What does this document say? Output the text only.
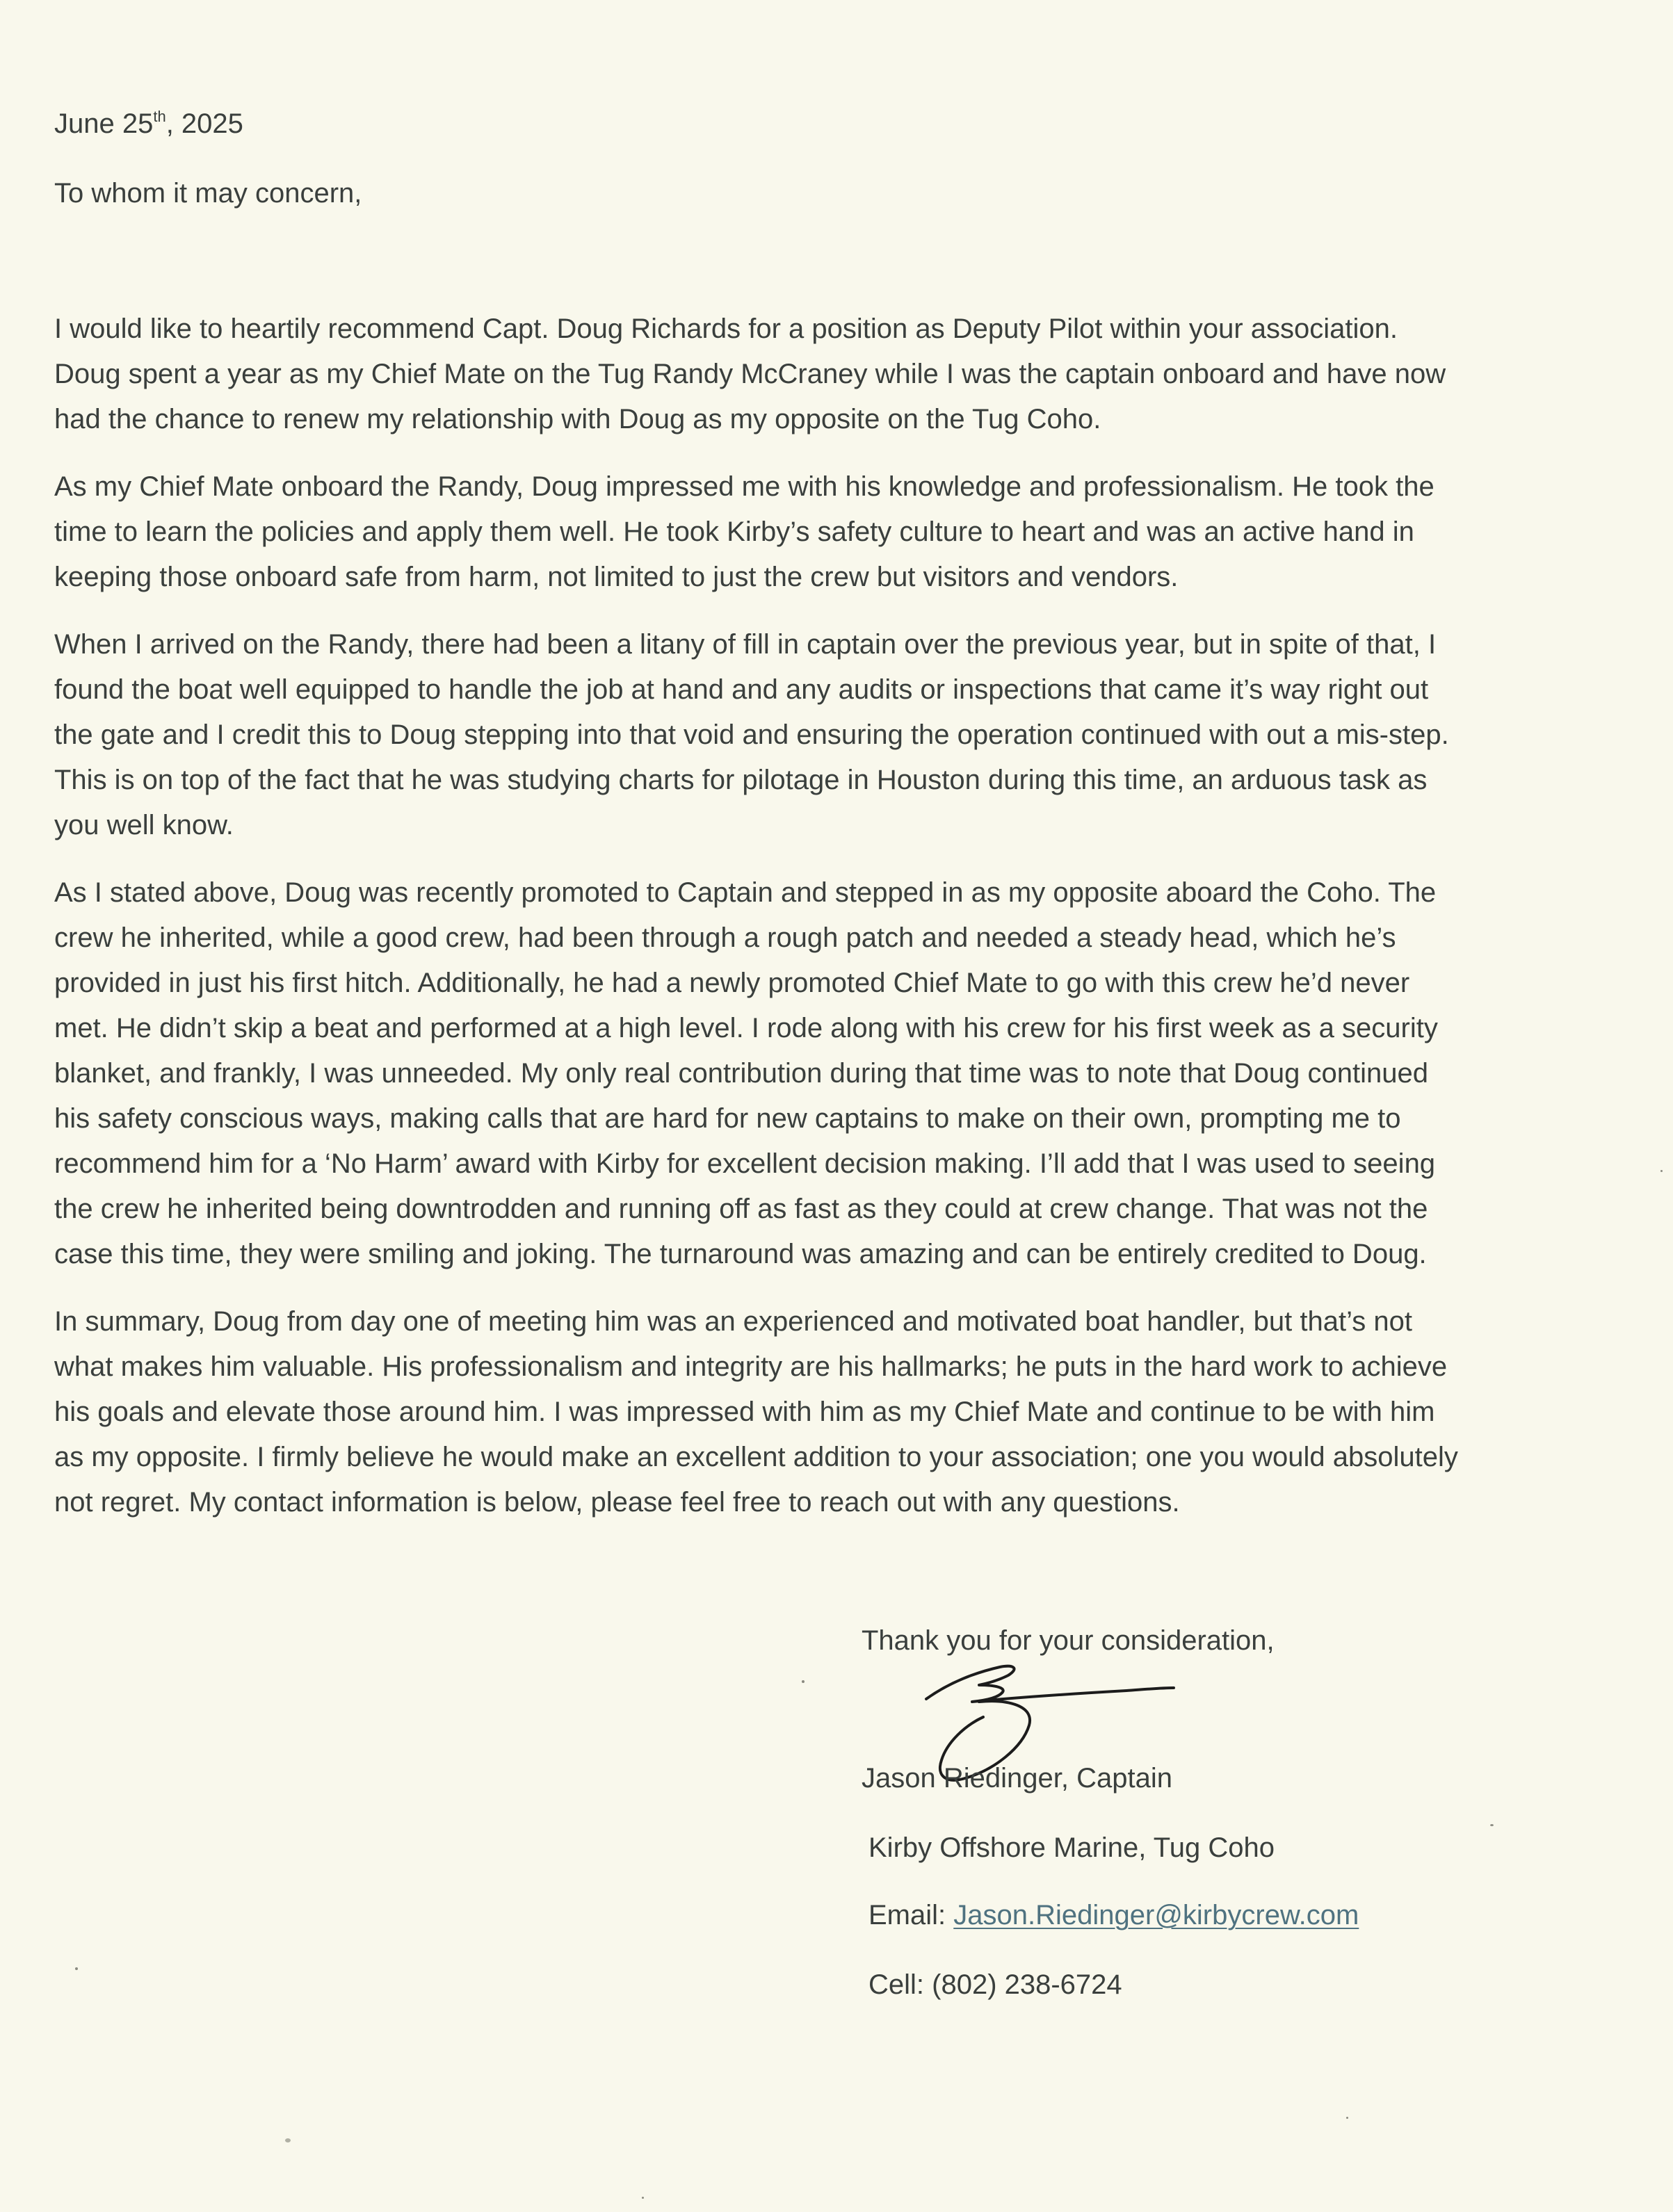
June 25th, 2025
To whom it may concern,

I would like to heartily recommend Capt. Doug Richards for a position as Deputy Pilot within your association.
Doug spent a year as my Chief Mate on the Tug Randy McCraney while I was the captain onboard and have now
had the chance to renew my relationship with Doug as my opposite on the Tug Coho.

As my Chief Mate onboard the Randy, Doug impressed me with his knowledge and professionalism. He took the
time to learn the policies and apply them well. He took Kirby’s safety culture to heart and was an active hand in
keeping those onboard safe from harm, not limited to just the crew but visitors and vendors.

When I arrived on the Randy, there had been a litany of fill in captain over the previous year, but in spite of that, I
found the boat well equipped to handle the job at hand and any audits or inspections that came it’s way right out
the gate and I credit this to Doug stepping into that void and ensuring the operation continued with out a mis-step.
This is on top of the fact that he was studying charts for pilotage in Houston during this time, an arduous task as
you well know.

As I stated above, Doug was recently promoted to Captain and stepped in as my opposite aboard the Coho. The
crew he inherited, while a good crew, had been through a rough patch and needed a steady head, which he’s
provided in just his first hitch. Additionally, he had a newly promoted Chief Mate to go with this crew he’d never
met. He didn’t skip a beat and performed at a high level. I rode along with his crew for his first week as a security
blanket, and frankly, I was unneeded. My only real contribution during that time was to note that Doug continued
his safety conscious ways, making calls that are hard for new captains to make on their own, prompting me to
recommend him for a ‘No Harm’ award with Kirby for excellent decision making. I’ll add that I was used to seeing
the crew he inherited being downtrodden and running off as fast as they could at crew change. That was not the
case this time, they were smiling and joking. The turnaround was amazing and can be entirely credited to Doug.

In summary, Doug from day one of meeting him was an experienced and motivated boat handler, but that’s not
what makes him valuable. His professionalism and integrity are his hallmarks; he puts in the hard work to achieve
his goals and elevate those around him. I was impressed with him as my Chief Mate and continue to be with him
as my opposite. I firmly believe he would make an excellent addition to your association; one you would absolutely
not regret. My contact information is below, please feel free to reach out with any questions.

Thank you for your consideration,
Jason Riedinger, Captain
Kirby Offshore Marine, Tug Coho
Email: Jason.Riedinger@kirbycrew.com
Cell: (802) 238-6724
